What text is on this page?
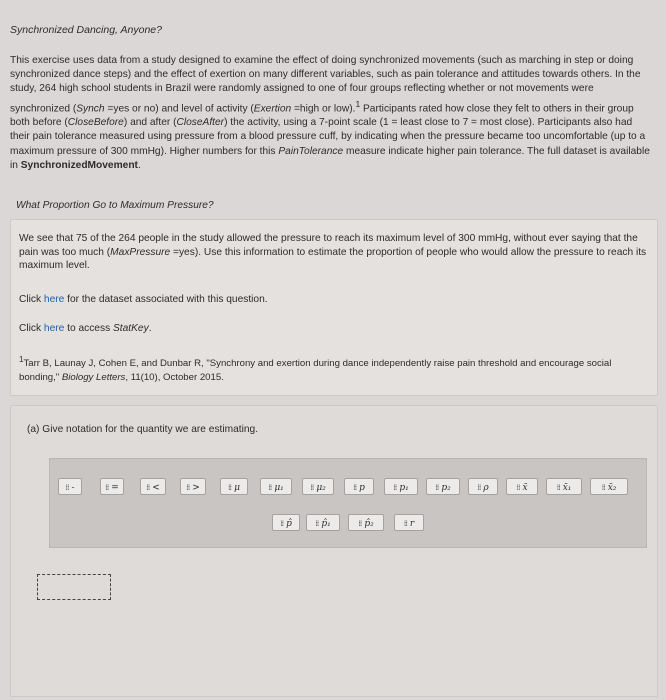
Synchronized Dancing, Anyone?
This exercise uses data from a study designed to examine the effect of doing synchronized movements (such as marching in step or doing synchronized dance steps) and the effect of exertion on many different variables, such as pain tolerance and attitudes towards others. In the study, 264 high school students in Brazil were randomly assigned to one of four groups reflecting whether or not movements were synchronized (Synch =yes or no) and level of activity (Exertion =high or low).$^1$ Participants rated how close they felt to others in their group both before (CloseBefore) and after (CloseAfter) the activity, using a 7-point scale (1 = least close to 7 = most close). Participants also had their pain tolerance measured using pressure from a blood pressure cuff, by indicating when the pressure became too uncomfortable (up to a maximum pressure of 300 mmHg). Higher numbers for this PainTolerance measure indicate higher pain tolerance. The full dataset is available in SynchronizedMovement.
What Proportion Go to Maximum Pressure?
We see that 75 of the 264 people in the study allowed the pressure to reach its maximum level of 300 mmHg, without ever saying that the pain was too much (MaxPressure =yes). Use this information to estimate the proportion of people who would allow the pressure to reach its maximum level.
Click here for the dataset associated with this question.
Click here to access StatKey.
$^1$Tarr B, Launay J, Cohen E, and Dunbar R, "Synchrony and exertion during dance independently raise pain threshold and encourage social bonding," Biology Letters, 11(10), October 2015.
(a) Give notation for the quantity we are estimating.
⁞⁞ -	⁞⁞ =	⁞⁞ <	⁞⁞ >	⁞⁞ μ	⁞⁞ μ₁	⁞⁞ μ₂	⁞⁞ p	⁞⁞ p₁	⁞⁞ p₂	⁞⁞ ρ	⁞⁞ x̄	⁞⁞ x̄₁	⁞⁞ x̄₂
⁞⁞ p̂	⁞⁞ p̂₁	⁞⁞ p̂₂	⁞⁞ r
